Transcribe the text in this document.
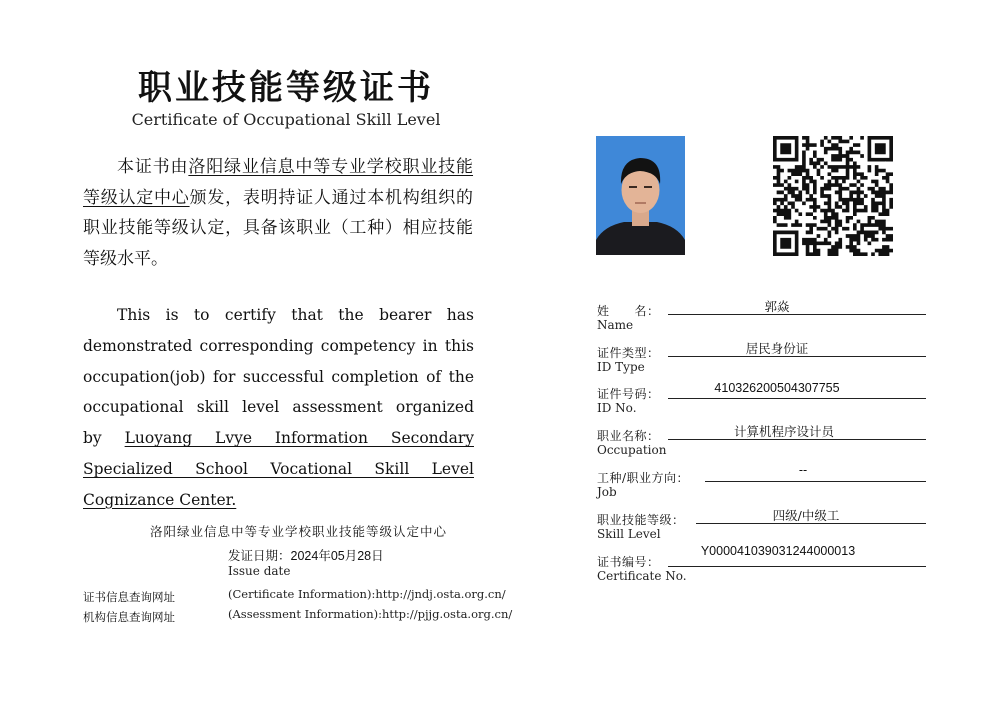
职业技能等级证书
Certificate of Occupational Skill Level
本证书由洛阳绿业信息中等专业学校职业技能等级认定中心颁发，表明持证人通过本机构组织的职业技能等级认定，具备该职业（工种）相应技能等级水平。
This is to certify that the bearer has demonstrated corresponding competency in this occupation(job) for successful completion of the occupational skill level assessment organized
by Luoyang Lvye Information Secondary Specialized School Vocational Skill Level Cognizance Center.
洛阳绿业信息中等专业学校职业技能等级认定中心
发证日期：2024年05月28日
Issue date
证书信息查询网址	(Certificate Information):http://jndj.osta.org.cn/
机构信息查询网址	(Assessment Information):http://pjjg.osta.org.cn/
姓　　名：
Name
郭焱
证件类型：
ID Type
居民身份证
证件号码：
ID No.
410326200504307755
职业名称：
Occupation
计算机程序设计员
工种/职业方向：
Job
--
职业技能等级：
Skill Level
四级/中级工
证书编号：
Certificate No.
Y000041039031244000013
